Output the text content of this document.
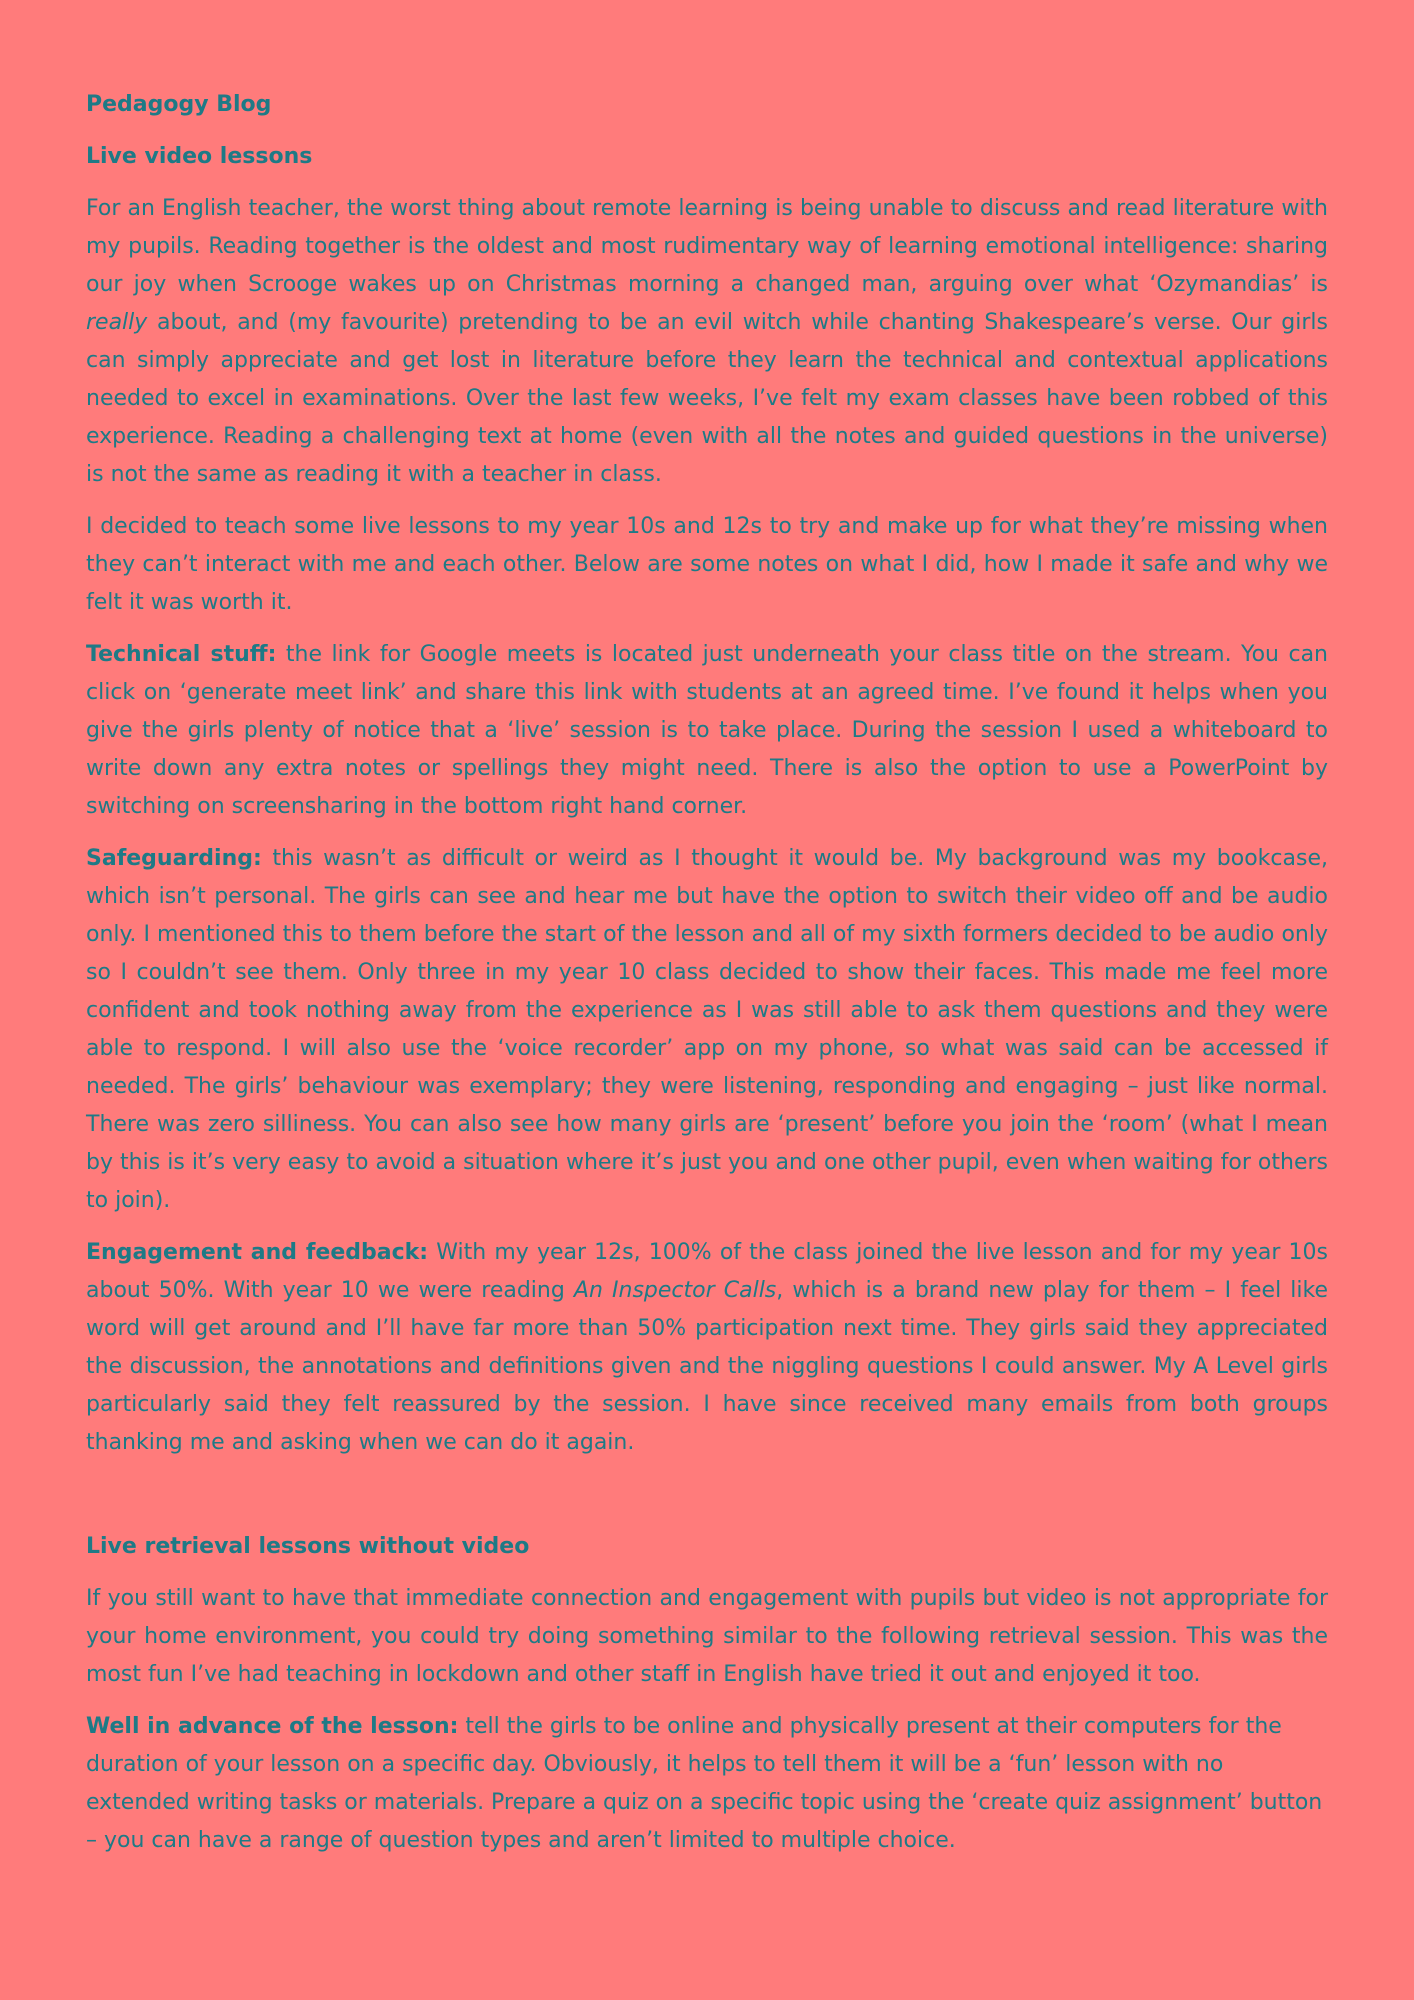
Pedagogy Blog
Live video lessons

For an English teacher, the worst thing about remote learning is being unable to discuss and read literature with my pupils. Reading together is the oldest and most rudimentary way of learning emotional intelligence: sharing our joy when Scrooge wakes up on Christmas morning a changed man, arguing over what ‘Ozymandias’ is really about, and (my favourite) pretending to be an evil witch while chanting Shakespeare’s verse. Our girls can simply appreciate and get lost in literature before they learn the technical and contextual applications needed to excel in examinations. Over the last few weeks, I’ve felt my exam classes have been robbed of this experience. Reading a challenging text at home (even with all the notes and guided questions in the universe) is not the same as reading it with a teacher in class.

I decided to teach some live lessons to my year 10s and 12s to try and make up for what they’re missing when they can’t interact with me and each other. Below are some notes on what I did, how I made it safe and why we felt it was worth it.

Technical stuff: the link for Google meets is located just underneath your class title on the stream. You can click on ‘generate meet link’ and share this link with students at an agreed time. I’ve found it helps when you give the girls plenty of notice that a ‘live’ session is to take place. During the session I used a whiteboard to write down any extra notes or spellings they might need. There is also the option to use a PowerPoint by switching on screensharing in the bottom right hand corner.

Safeguarding: this wasn’t as difficult or weird as I thought it would be. My background was my bookcase, which isn’t personal. The girls can see and hear me but have the option to switch their video off and be audio only. I mentioned this to them before the start of the lesson and all of my sixth formers decided to be audio only so I couldn’t see them. Only three in my year 10 class decided to show their faces. This made me feel more confident and took nothing away from the experience as I was still able to ask them questions and they were able to respond. I will also use the ‘voice recorder’ app on my phone, so what was said can be accessed if needed. The girls’ behaviour was exemplary; they were listening, responding and engaging – just like normal. There was zero silliness. You can also see how many girls are ‘present’ before you join the ‘room’ (what I mean by this is it’s very easy to avoid a situation where it’s just you and one other pupil, even when waiting for others to join).

Engagement and feedback: With my year 12s, 100% of the class joined the live lesson and for my year 10s about 50%. With year 10 we were reading An Inspector Calls, which is a brand new play for them – I feel like word will get around and I’ll have far more than 50% participation next time. They girls said they appreciated the discussion, the annotations and definitions given and the niggling questions I could answer. My A Level girls particularly said they felt reassured by the session. I have since received many emails from both groups thanking me and asking when we can do it again.

Live retrieval lessons without video

If you still want to have that immediate connection and engagement with pupils but video is not appropriate for your home environment, you could try doing something similar to the following retrieval session. This was the most fun I’ve had teaching in lockdown and other staff in English have tried it out and enjoyed it too.

Well in advance of the lesson: tell the girls to be online and physically present at their computers for the duration of your lesson on a specific day. Obviously, it helps to tell them it will be a ‘fun’ lesson with no extended writing tasks or materials. Prepare a quiz on a specific topic using the ‘create quiz assignment’ button – you can have a range of question types and aren’t limited to multiple choice.
